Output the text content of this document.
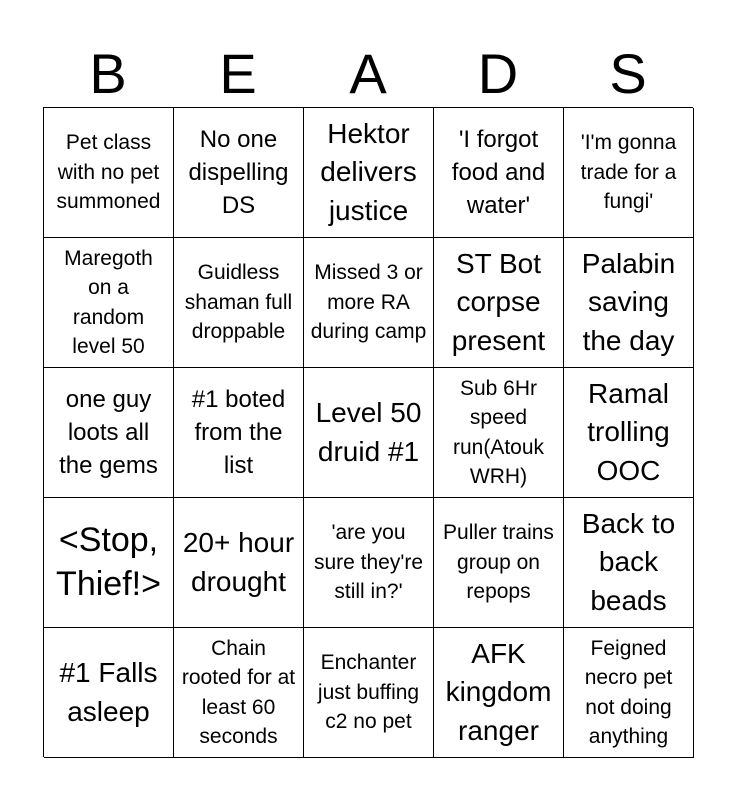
B	E	A	D	S
Pet class with no pet summoned
No one dispelling DS
Hektor delivers justice
'I forgot food and water'
'I'm gonna trade for a fungi'
Maregoth on a random level 50
Guidless shaman full droppable
Missed 3 or more RA during camp
ST Bot corpse present
Palabin saving the day
one guy loots all the gems
#1 boted from the list
Level 50 druid #1
Sub 6Hr speed run(Atouk WRH)
Ramal trolling OOC
<Stop, Thief!>
20+ hour drought
'are you sure they're still in?'
Puller trains group on repops
Back to back beads
#1 Falls asleep
Chain rooted for at least 60 seconds
Enchanter just buffing c2 no pet
AFK kingdom ranger
Feigned necro pet not doing anything
